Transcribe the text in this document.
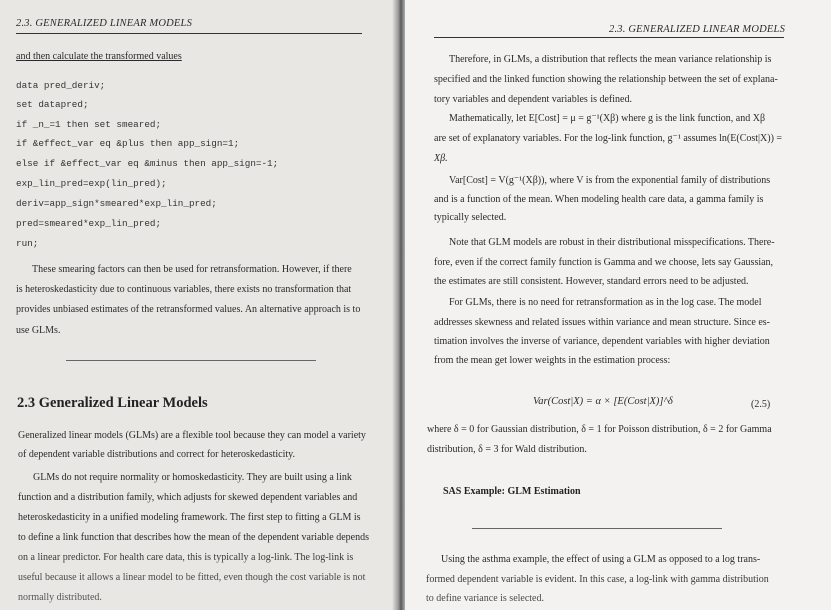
2.3. GENERALIZED LINEAR MODELS
and then calculate the transformed values
data pred_deriv;
set datapred;
if _n_=1 then set smeared;
if &effect_var eq &plus then app_sign=1;
else if &effect_var eq &minus then app_sign=-1;
exp_lin_pred=exp(lin_pred);
deriv=app_sign*smeared*exp_lin_pred;
pred=smeared*exp_lin_pred;
run;
These smearing factors can then be used for retransformation. However, if there
is heteroskedasticity due to continuous variables, there exists no transformation that
provides unbiased estimates of the retransformed values. An alternative approach is to
use GLMs.
2.3 Generalized Linear Models
Generalized linear models (GLMs) are a flexible tool because they can model a variety
of dependent variable distributions and correct for heteroskedasticity.
GLMs do not require normality or homoskedasticity. They are built using a link
function and a distribution family, which adjusts for skewed dependent variables and
heteroskedasticity in a unified modeling framework. The first step to fitting a GLM is
to define a link function that describes how the mean of the dependent variable depends
on a linear predictor. For health care data, this is typically a log-link. The log-link is
useful because it allows a linear model to be fitted, even though the cost variable is not
normally distributed.
2.3. GENERALIZED LINEAR MODELS
Therefore, in GLMs, a distribution that reflects the mean variance relationship is
specified and the linked function showing the relationship between the set of explana-
tory variables and dependent variables is defined.
Mathematically, let E[Cost] = μ = g⁻¹(Xβ) where g is the link function, and Xβ
are set of explanatory variables. For the log-link function, g⁻¹ assumes ln(E(Cost|X)) =
Xβ.
Var[Cost] = V(g⁻¹(Xβ)), where V is from the exponential family of distributions
and is a function of the mean. When modeling health care data, a gamma family is
typically selected.
Note that GLM models are robust in their distributional misspecifications. There-
fore, even if the correct family function is Gamma and we choose, lets say Gaussian,
the estimates are still consistent. However, standard errors need to be adjusted.
For GLMs, there is no need for retransformation as in the log case. The model
addresses skewness and related issues within variance and mean structure. Since es-
timation involves the inverse of variance, dependent variables with higher deviation
from the mean get lower weights in the estimation process:
Var(Cost|X) = α × [E(Cost|X)]^δ	(2.5)
where δ = 0 for Gaussian distribution, δ = 1 for Poisson distribution, δ = 2 for Gamma
distribution, δ = 3 for Wald distribution.
SAS Example: GLM Estimation
Using the asthma example, the effect of using a GLM as opposed to a log trans-
formed dependent variable is evident. In this case, a log-link with gamma distribution
to define variance is selected.
